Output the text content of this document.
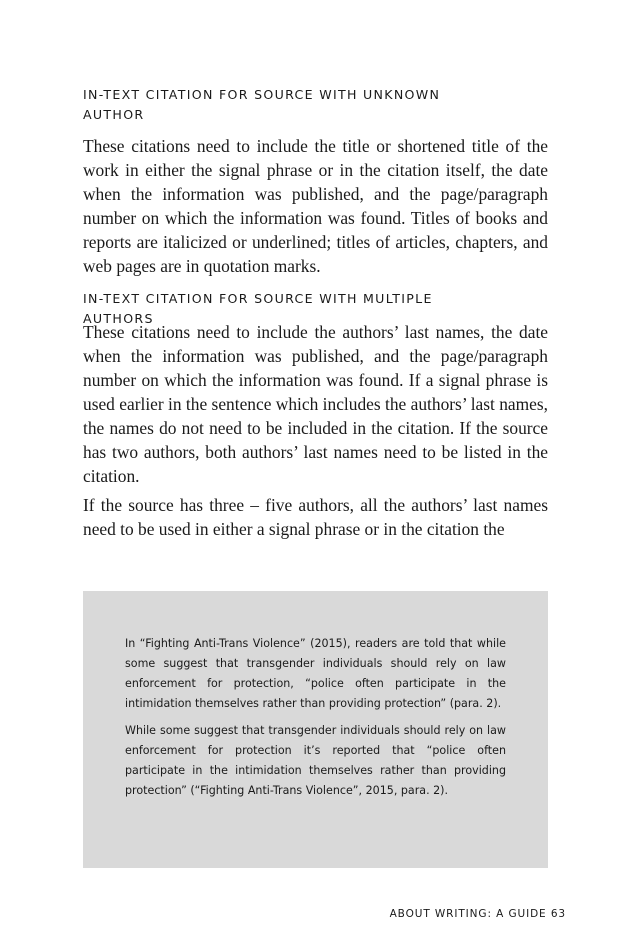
IN-TEXT CITATION FOR SOURCE WITH UNKNOWN AUTHOR

These citations need to include the title or shortened title of the work in either the signal phrase or in the citation itself, the date when the information was published, and the page/paragraph number on which the information was found. Titles of books and reports are italicized or underlined; titles of articles, chapters, and web pages are in quotation marks.

IN-TEXT CITATION FOR SOURCE WITH MULTIPLE AUTHORS

These citations need to include the authors’ last names, the date when the information was published, and the page/paragraph number on which the information was found. If a signal phrase is used earlier in the sentence which includes the authors’ last names, the names do not need to be included in the citation. If the source has two authors, both authors’ last names need to be listed in the citation.

If the source has three – five authors, all the authors’ last names need to be used in either a signal phrase or in the citation the

In “Fighting Anti-Trans Violence” (2015), readers are told that while some suggest that transgender individuals should rely on law enforcement for protection, “police often participate in the intimidation themselves rather than providing protection” (para. 2).

While some suggest that transgender individuals should rely on law enforcement for protection it’s reported that “police often participate in the intimidation themselves rather than providing protection” (“Fighting Anti-Trans Violence”, 2015, para. 2).

ABOUT WRITING: A GUIDE 63
